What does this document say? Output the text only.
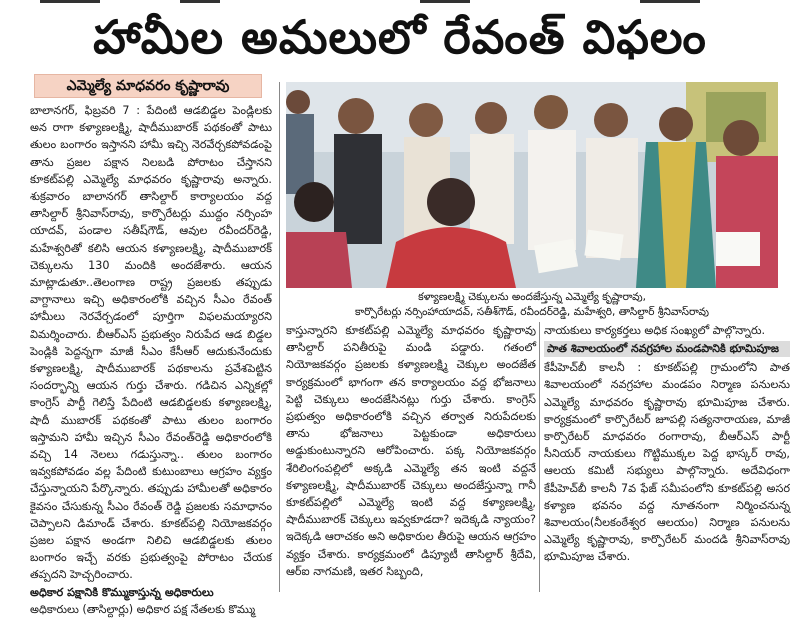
హామీల అమలులో రేవంత్ విఫలం
ఎమ్మెల్యే మాధవరం కృష్ణారావు

బాలానగర్, ఫిబ్రవరి 7 : పేదింటి ఆడబిడ్డల పెండ్లిలకు అన రాగా కళ్యాణలక్ష్మి, షాదీముబారక్ పథకంతో పాటు తులం బంగారం ఇస్తానని హామీ ఇచ్చి నెరవేర్చకపోవడంపై తాను ప్రజల పక్షాన నిలబడి పోరాటం చేస్తానని కూకట్‌పల్లి ఎమ్మెల్యే మాధవరం కృష్ణారావు అన్నారు. శుక్రవారం బాలానగర్ తాసిల్దార్ కార్యాలయం వద్ద తాసిల్దార్ శ్రీనివాస్‌రావు, కార్పొరేటర్లు ముద్దం నర్సింహ యాదవ్, పండాల సతీష్‌గౌడ్, ఆవుల రవీందర్‌రెడ్డి, మహేశ్వరితో కలిసి ఆయన కళ్యాణలక్ష్మి, షాదీముబారక్ చెక్కులను 130 మందికి అందజేశారు. ఆయన మాట్లాడుతూ..తెలంగాణ రాష్ట్ర ప్రజలకు తప్పుడు వాగ్దానాలు ఇచ్చి అధికారంలోకి వచ్చిన సీఎం రేవంత్ హామీలు నెరవేర్చడంలో పూర్తిగా విఫలమయ్యారని విమర్శించారు. బీఆర్‌ఎస్ ప్రభుత్వం నిరుపేద ఆడ బిడ్డల పెండ్లికి పెద్దన్నగా మాజీ సీఎం కేసీఆర్ ఆదుకునేందుకు కళ్యాణలక్ష్మి, షాదీముబారక్ పథకాలను ప్రవేశపెట్టిన సందర్భాన్ని ఆయన గుర్తు చేశారు. గడిచిన ఎన్నికల్లో కాంగ్రెస్ పార్టీ గెలిస్తే పేదింటి ఆడబిడ్డలకు కళ్యాణలక్ష్మి, షాదీ ముబారక్ పథకంతో పాటు తులం బంగారం ఇస్తామని హామీ ఇచ్చిన సీఎం రేవంత్‌రెడ్డి అధికారంలోకి వచ్చి 14 నెలలు గడుస్తున్నా.. తులం బంగారం ఇవ్వకపోవడం వల్ల పేదింటి కుటుంబాలు ఆగ్రహం వ్యక్తం చేస్తున్నాయని పేర్కొన్నారు. తప్పుడు హామీలతో అధికారం కైవసం చేసుకున్న సీఎం రేవంత్ రెడ్డి ప్రజలకు సమాధానం చెప్పాలని డిమాండ్ చేశారు. కూకట్‌పల్లి నియోజకవర్గం ప్రజల పక్షాన అండగా నిలిచి ఆడబిడ్డలకు తులం బంగారం ఇచ్చే వరకు ప్రభుత్వంపై పోరాటం చేయక తప్పదని హెచ్చరించారు.

అధికార పక్షానికి కొమ్ముకాస్తున్న అధికారులు

అధికారులు (తాసిల్దార్లు) అధికార పక్ష నేతలకు కొమ్ము

కళ్యాణలక్ష్మి చెక్కులను అందజేస్తున్న ఎమ్మెల్యే కృష్ణారావు,
కార్పొరేటర్లు నర్సింహాయాదవ్, సతీశ్‌గౌడ్, రవీందర్‌రెడ్డి, మహేశ్వరి, తాసిల్దార్ శ్రీనివాస్‌రావు

కాస్తున్నారని కూకట్‌పల్లి ఎమ్మెల్యే మాధవరం కృష్ణారావు తాసిల్దార్ పనితీరుపై మండి పడ్డారు. గతంలో నియోజకవర్గం ప్రజలకు కళ్యాణలక్ష్మి చెక్కుల అందజేత కార్యక్రమంలో భాగంగా తన కార్యాలయం వద్ద భోజనాలు పెట్టి చెక్కులు అందజేసినట్లు గుర్తు చేశారు. కాంగ్రెస్ ప్రభుత్వం అధికారంలోకి వచ్చిన తర్వాత నిరుపేదలకు తాను భోజనాలు పెట్టకుండా అధికారులు అడ్డుకుంటున్నారని ఆరోపించారు. పక్క నియోజకవర్గం శేరిలింగంపల్లిలో అక్కడి ఎమ్మెల్యే తన ఇంటి వద్దనే కళ్యాణలక్ష్మి, షాదీముబారక్ చెక్కులు అందజేస్తున్నా గానీ కూకట్‌పల్లిలో ఎమ్మెల్యే ఇంటి వద్ద కళ్యాణలక్ష్మి, షాదీముబారక్ చెక్కులు ఇవ్వకూడదా? ఇదెక్కడి న్యాయం?ఇదెక్కడి ఆరాచకం అని అధికారుల తీరుపై ఆయన ఆగ్రహం వ్యక్తం చేశారు. కార్యక్రమంలో డిప్యూటీ తాసిల్దార్ శ్రీదేవి, ఆర్‌ఐ నాగమణి, ఇతర సిబ్బంది,

నాయకులు కార్యకర్తలు అధిక సంఖ్యలో పాల్గొన్నారు.

పాత శివాలయంలో నవగ్రహాల మండపానికి భూమిపూజ

కేపీహెచ్‌బీ కాలనీ : కూకట్‌పల్లి గ్రామంలోని పాత శివాలయంలో నవగ్రహాల మండపం నిర్మాణ పనులను ఎమ్మెల్యే మాధవరం కృష్ణారావు భూమిపూజ చేశారు. కార్యక్రమంలో కార్పొరేటర్ జూపల్లి సత్యనారాయణ, మాజీ కార్పొరేటర్ మాధవరం రంగారావు, బీఆర్‌ఎస్ పార్టీ సీనియర్ నాయకులు గొట్టిముక్కల పెద్ద భాస్కర్ రావు, ఆలయ కమిటీ సభ్యులు పాల్గొన్నారు. అదేవిధంగా కేపీహెచ్‌బీ కాలనీ 7వ ఫేజ్ సమీపంలోని కూకట్‌పల్లి అసర కళ్యాణ భవనం వద్ద నూతనంగా నిర్మించనున్న శివాలయం(నీలకంఠేశ్వర ఆలయం) నిర్మాణ పనులను ఎమ్మెల్యే కృష్ణారావు, కార్పొరేటర్ మందడి శ్రీనివాస్‌రావు భూమిపూజ చేశారు.
